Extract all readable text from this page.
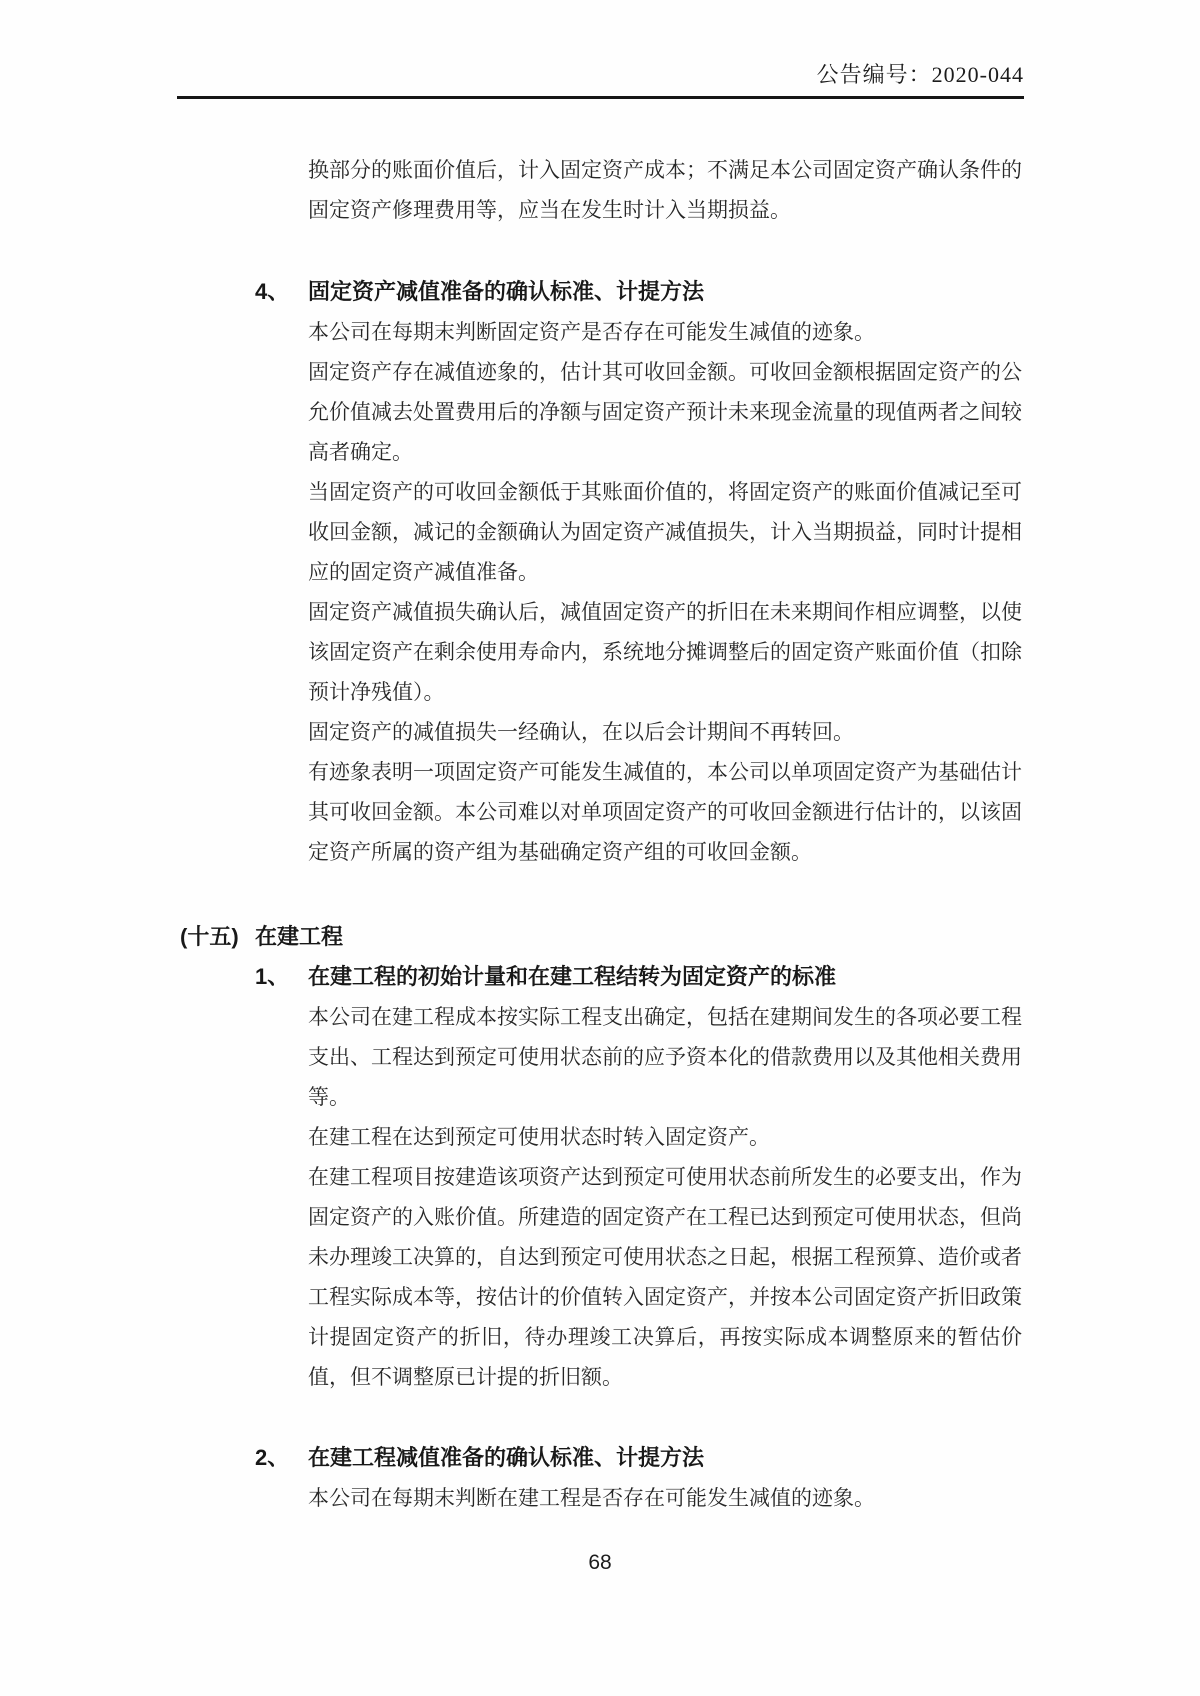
公告编号：2020-044

换部分的账面价值后，计入固定资产成本；不满足本公司固定资产确认条件的固定资产修理费用等，应当在发生时计入当期损益。

4、 固定资产减值准备的确认标准、计提方法

本公司在每期末判断固定资产是否存在可能发生减值的迹象。

固定资产存在减值迹象的，估计其可收回金额。可收回金额根据固定资产的公允价值减去处置费用后的净额与固定资产预计未来现金流量的现值两者之间较高者确定。

当固定资产的可收回金额低于其账面价值的，将固定资产的账面价值减记至可收回金额，减记的金额确认为固定资产减值损失，计入当期损益，同时计提相应的固定资产减值准备。

固定资产减值损失确认后，减值固定资产的折旧在未来期间作相应调整，以使该固定资产在剩余使用寿命内，系统地分摊调整后的固定资产账面价值（扣除预计净残值）。

固定资产的减值损失一经确认，在以后会计期间不再转回。

有迹象表明一项固定资产可能发生减值的，本公司以单项固定资产为基础估计其可收回金额。本公司难以对单项固定资产的可收回金额进行估计的，以该固定资产所属的资产组为基础确定资产组的可收回金额。

(十五) 在建工程
1、 在建工程的初始计量和在建工程结转为固定资产的标准

本公司在建工程成本按实际工程支出确定，包括在建期间发生的各项必要工程支出、工程达到预定可使用状态前的应予资本化的借款费用以及其他相关费用等。

在建工程在达到预定可使用状态时转入固定资产。

在建工程项目按建造该项资产达到预定可使用状态前所发生的必要支出，作为固定资产的入账价值。所建造的固定资产在工程已达到预定可使用状态，但尚未办理竣工决算的，自达到预定可使用状态之日起，根据工程预算、造价或者工程实际成本等，按估计的价值转入固定资产，并按本公司固定资产折旧政策计提固定资产的折旧，待办理竣工决算后，再按实际成本调整原来的暂估价值，但不调整原已计提的折旧额。

2、 在建工程减值准备的确认标准、计提方法

本公司在每期末判断在建工程是否存在可能发生减值的迹象。

68
